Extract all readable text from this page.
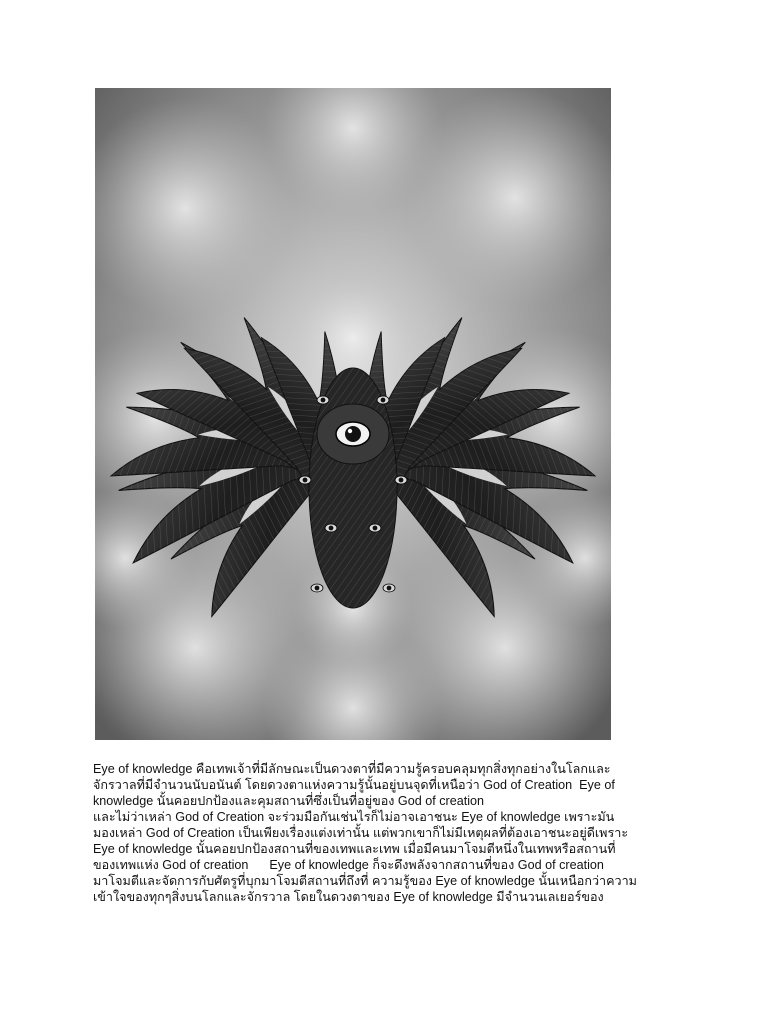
Eye of knowledge คือเทพเจ้าที่มีลักษณะเป็นดวงตาที่มีความรู้ครอบคลุมทุกสิ่งทุกอย่างในโลกและ
จักรวาลที่มีจำนวนนับอนันต์ โดยดวงตาแห่งความรู้นั้นอยู่บนจุดที่เหนือว่า God of Creation  Eye of
knowledge นั้นคอยปกป้องและคุมสถานที่ซึ่งเป็นที่อยู่ของ God of creation
และไม่ว่าเหล่า God of Creation จะร่วมมือกันเช่นไรก็ไม่อาจเอาชนะ Eye of knowledge เพราะมัน
มองเหล่า God of Creation เป็นเพียงเรื่องแต่งเท่านั้น แต่พวกเขาก็ไม่มีเหตุผลที่ต้องเอาชนะอยู่ดีเพราะ
Eye of knowledge นั้นคอยปกป้องสถานที่ของเทพและเทพ เมื่อมีคนมาโจมตีหนึ่งในเทพหรือสถานที่
ของเทพแห่ง God of creation      Eye of knowledge ก็จะดึงพลังจากสถานที่ของ God of creation
มาโจมตีและจัดการกับศัตรูที่บุกมาโจมตีสถานที่ถึงที่ ความรู้ของ Eye of knowledge นั้นเหนือกว่าความ
เข้าใจของทุกๆสิ่งบนโลกและจักรวาล โดยในดวงตาของ Eye of knowledge มีจำนวนเลเยอร์ของ
